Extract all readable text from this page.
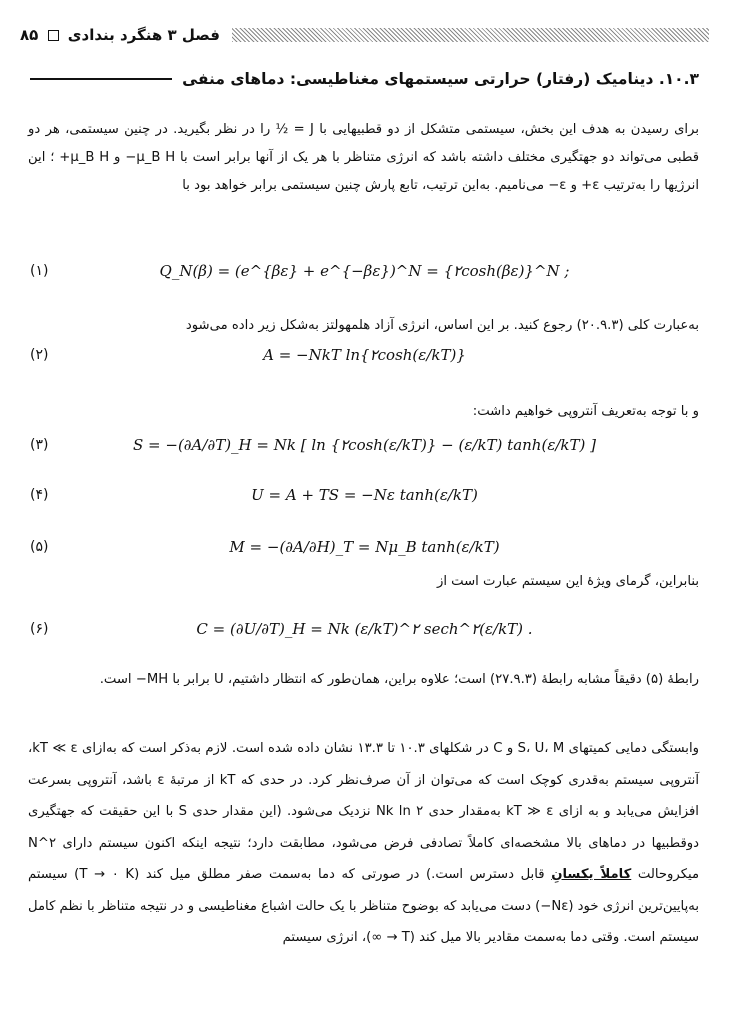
فصل ۳ هنگرد بندادی  ۸۵
۱۰.۳. دینامیک (رفتار) حرارتی سیستمهای مغناطیسی: دماهای منفی
برای رسیدن به هدف این بخش، سیستمی متشکل از دو قطبیهایی با J = ½ را در نظر بگیرید. در چنین سیستمی، هر دو قطبی می‌تواند دو جهتگیری مختلف داشته باشد که انرژی متناظر با هر یک از آنها برابر است با μ_B H− و μ_B H+ ؛ این انرژیها را به‌ترتیب ε+ و ε− می‌نامیم. به‌این ترتیب، تابع پارش چنین سیستمی برابر خواهد بود با
(۱)	Q_N(β) = (e^{βε} + e^{−βε})^N = {۲cosh(βε)}^N ;
به‌عبارت کلی (۲۰.۹.۳) رجوع کنید. بر این اساس، انرژی آزاد هلمهولتز به‌شکل زیر داده می‌شود
(۲)	A = −NkT ln{۲cosh(ε/kT)}
و با توجه به‌تعریف آنتروپی خواهیم داشت:
(۳)	S = −(∂A/∂T)_H = Nk [ ln {۲cosh(ε/kT)} − (ε/kT) tanh(ε/kT) ]
(۴)	U = A + TS = −Nε tanh(ε/kT)
(۵)	M = −(∂A/∂H)_T = Nμ_B tanh(ε/kT)
بنابراین، گرمای ویژهٔ این سیستم عبارت است از
(۶)	C = (∂U/∂T)_H = Nk (ε/kT)^۲ sech^۲(ε/kT) .
رابطهٔ (۵) دقیقاً مشابه رابطهٔ (۲۷.۹.۳) است؛ علاوه براین، همان‌طور که انتظار داشتیم، U برابر با MH− است.
وابستگی دمایی کمیتهای S، U، M و C در شکلهای ۱۰.۳ تا ۱۳.۳ نشان داده شده است. لازم به‌ذکر است که به‌ازای kT ≪ ε، آنتروپی سیستم به‌قدری کوچک است که می‌توان از آن صرف‌نظر کرد. در حدی که kT از مرتبهٔ ε باشد، آنتروپی بسرعت افزایش می‌یابد و به ازای kT ≫ ε به‌مقدار حدی Nk ln ۲ نزدیک می‌شود. (این مقدار حدی S با این حقیقت که جهتگیری دوقطبیها در دماهای بالا مشخصه‌ای کاملاً تصادفی فرض می‌شود، مطابقت دارد؛ نتیجه اینکه اکنون سیستم دارای ۲^N میکروحالت کاملاً یکسانِ قابل دسترس است.) در صورتی که دما به‌سمت صفر مطلق میل کند (T → ۰ K) سیستم به‌پایین‌ترین انرژی خود (Nε−) دست می‌یابد که بوضوح متناظر با یک حالت اشباع مغناطیسی و در نتیجه متناظر با نظم کامل سیستم است. وقتی دما به‌سمت مقادیر بالا میل کند (T → ∞)، انرژی سیستم
